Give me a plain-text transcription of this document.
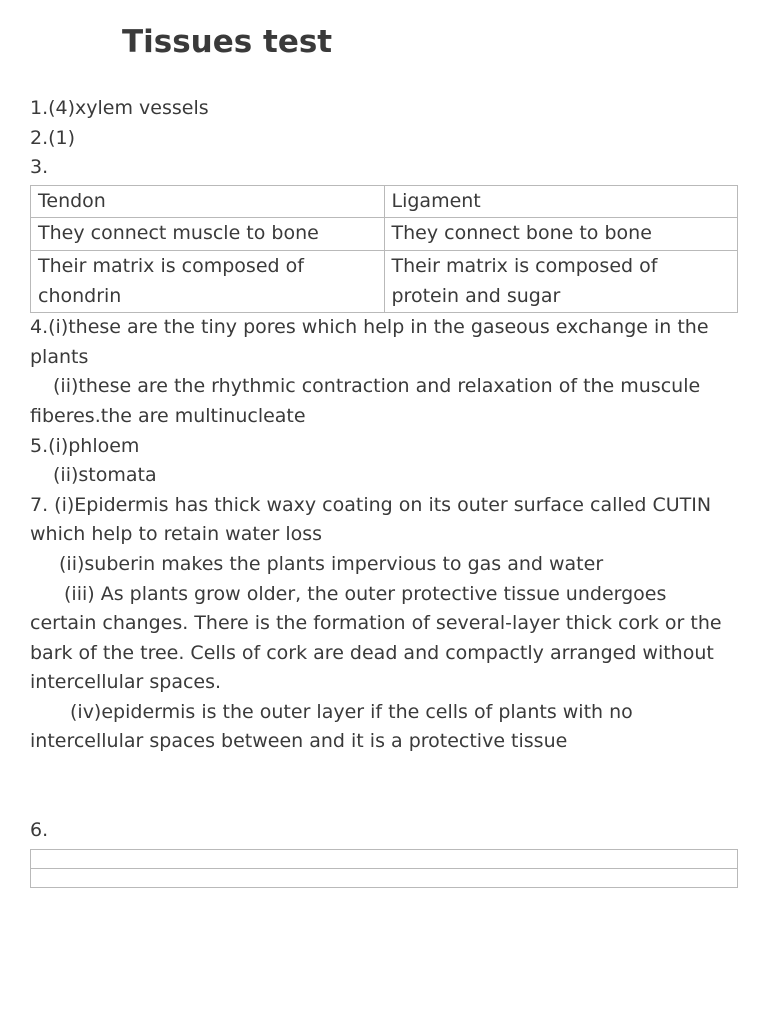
Tissues test
1.(4)xylem vessels
2.(1)
3.
Tendon	Ligament
They connect muscle to bone	They connect bone to bone
Their matrix is composed of chondrin	Their matrix is composed of protein and sugar
4.(i)these are the tiny pores which help in the gaseous exchange in the plants
(ii)these are the rhythmic contraction and relaxation of the muscule
fiberes.the are multinucleate
5.(i)phloem
(ii)stomata
7. (i)Epidermis has thick waxy coating on its outer surface called CUTIN
which help to retain water loss
(ii)suberin makes the plants impervious to gas and water
(iii) As plants grow older, the outer protective tissue undergoes
certain changes. There is the formation of several-layer thick cork or the
bark of the tree. Cells of cork are dead and compactly arranged without
intercellular spaces.
(iv)epidermis is the outer layer if the cells of plants with no
intercellular spaces between and it is a protective tissue
6.
